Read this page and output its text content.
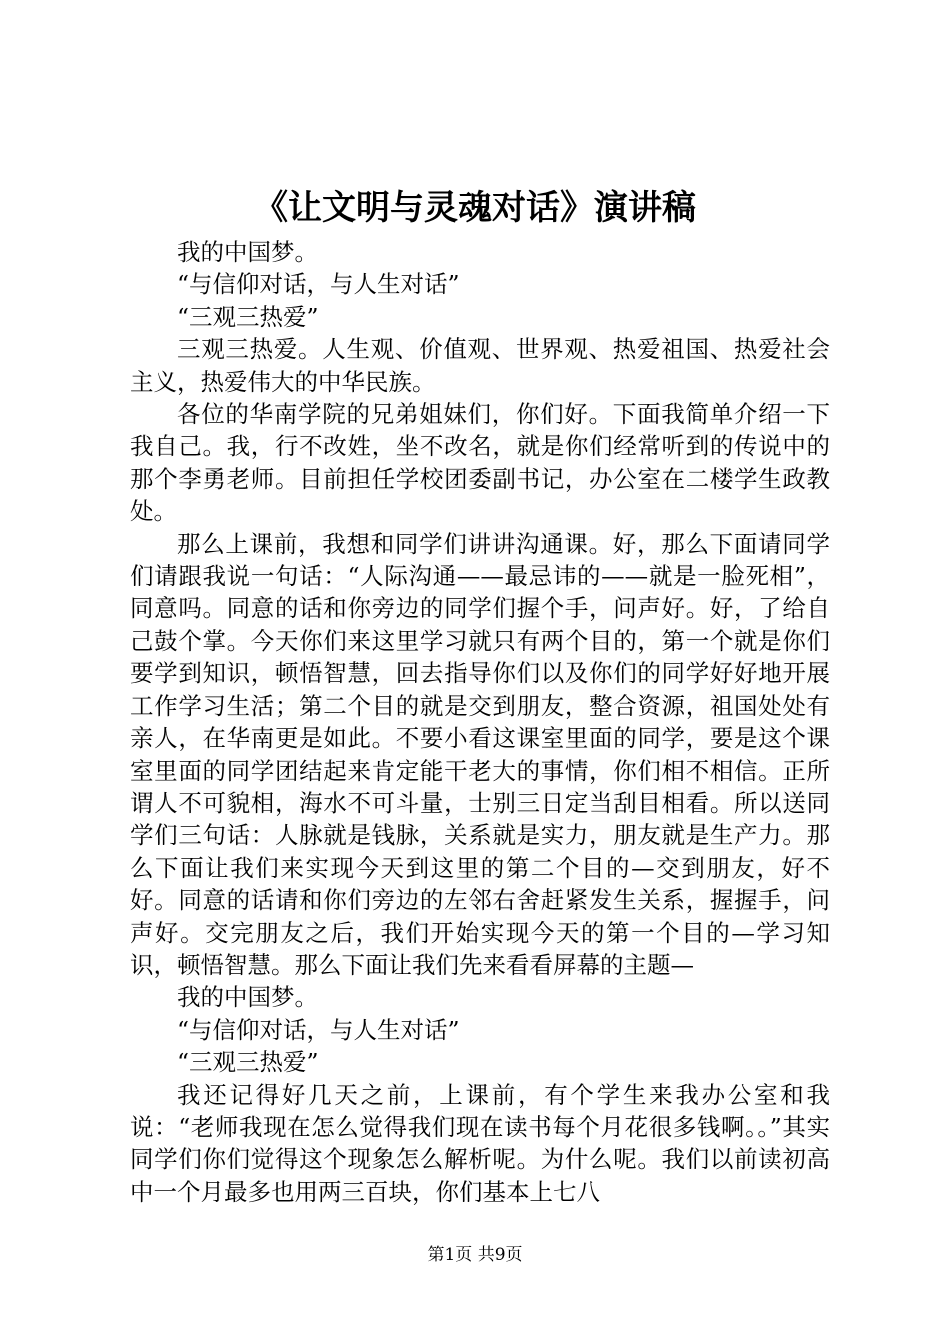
《让文明与灵魂对话》演讲稿

我的中国梦。

“与信仰对话，与人生对话”

“三观三热爱”

三观三热爱。人生观、价值观、世界观、热爱祖国、热爱社会主义，热爱伟大的中华民族。

各位的华南学院的兄弟姐妹们，你们好。下面我简单介绍一下我自己。我，行不改姓，坐不改名，就是你们经常听到的传说中的那个李勇老师。目前担任学校团委副书记，办公室在二楼学生政教处。

那么上课前，我想和同学们讲讲沟通课。好，那么下面请同学们请跟我说一句话：“人际沟通——最忌讳的——就是一脸死相”，同意吗。同意的话和你旁边的同学们握个手，问声好。好，了给自己鼓个掌。今天你们来这里学习就只有两个目的，第一个就是你们要学到知识，顿悟智慧，回去指导你们以及你们的同学好好地开展工作学习生活；第二个目的就是交到朋友，整合资源，祖国处处有亲人，在华南更是如此。不要小看这课室里面的同学，要是这个课室里面的同学团结起来肯定能干老大的事情，你们相不相信。正所谓人不可貌相，海水不可斗量，士别三日定当刮目相看。所以送同学们三句话：人脉就是钱脉，关系就是实力，朋友就是生产力。那么下面让我们来实现今天到这里的第二个目的—交到朋友，好不好。同意的话请和你们旁边的左邻右舍赶紧发生关系，握握手，问声好。交完朋友之后，我们开始实现今天的第一个目的—学习知识，顿悟智慧。那么下面让我们先来看看屏幕的主题—

我的中国梦。

“与信仰对话，与人生对话”

“三观三热爱”

我还记得好几天之前，上课前，有个学生来我办公室和我说：“老师我现在怎么觉得我们现在读书每个月花很多钱啊。。”其实同学们你们觉得这个现象怎么解析呢。为什么呢。我们以前读初高中一个月最多也用两三百块，你们基本上七八

第1页 共9页
